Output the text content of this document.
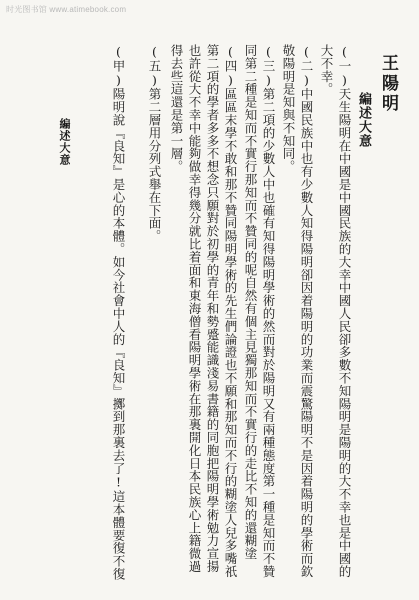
时光图书馆 www.atimebook.com
王陽明
編述大意
(一)天生陽明在中國是中國民族的大幸中國人民卻多數不知陽明是陽明的大不幸也是中國的
大不幸。
(二)中國民族中也有少數人知得陽明卻因着陽明的功業而震驚陽明不是因着陽明的學術而欽
敬陽明是知與不知同。
(三)第二項的少數人中也確有知得陽明學術的然而對於陽明又有兩種態度第一種是知而不贊
同第二種是知而不實行那知而不贊同的呢自然有個主見獨那知而不實行的走比不知的還糊塗
(四)區區末學不敢和那不贊同陽明學術的先生們論證也不願和那知而不行的糊塗人兒多嘴祇
第二項的學者多多不想念只願對於初學的青年和勢蹙能識淺易書籍的同胞把陽明學術勉力宣揚
也許從大不幸中能夠做幸得幾分就比着面和東海僧看陽明學術在那裏開化日本民族心上籍微過
得去些這還是第一層。
(五)第二層用分列式舉在下面。
(甲)陽明說『良知』是心的本體。如今社會中人的『良知』擲到那裏去了!這本體要復不復
編述大意
